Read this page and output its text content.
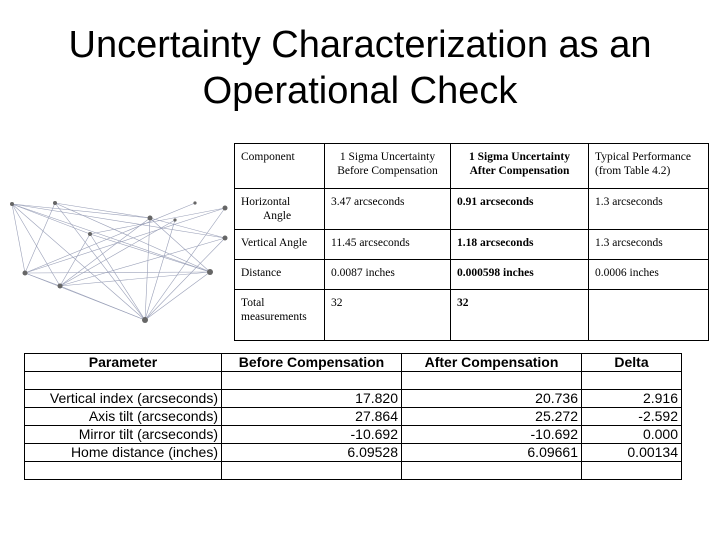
Uncertainty Characterization as an
Operational Check
Component	1 Sigma Uncertainty Before Compensation	1 Sigma Uncertainty After Compensation	Typical Performance (from Table 4.2)

Horizontal Angle	3.47 arcseconds	0.91 arcseconds	1.3 arcseconds
Vertical Angle	11.45 arcseconds	1.18 arcseconds	1.3 arcseconds
Distance	0.0087 inches	0.000598 inches	0.0006 inches
Total measurements	32	32	
Parameter	Before Compensation	After Compensation	Delta

Vertical index (arcseconds)	17.820	20.736	2.916
Axis tilt (arcseconds)	27.864	25.272	-2.592
Mirror tilt (arcseconds)	-10.692	-10.692	0.000
Home distance (inches)	6.09528	6.09661	0.00134
